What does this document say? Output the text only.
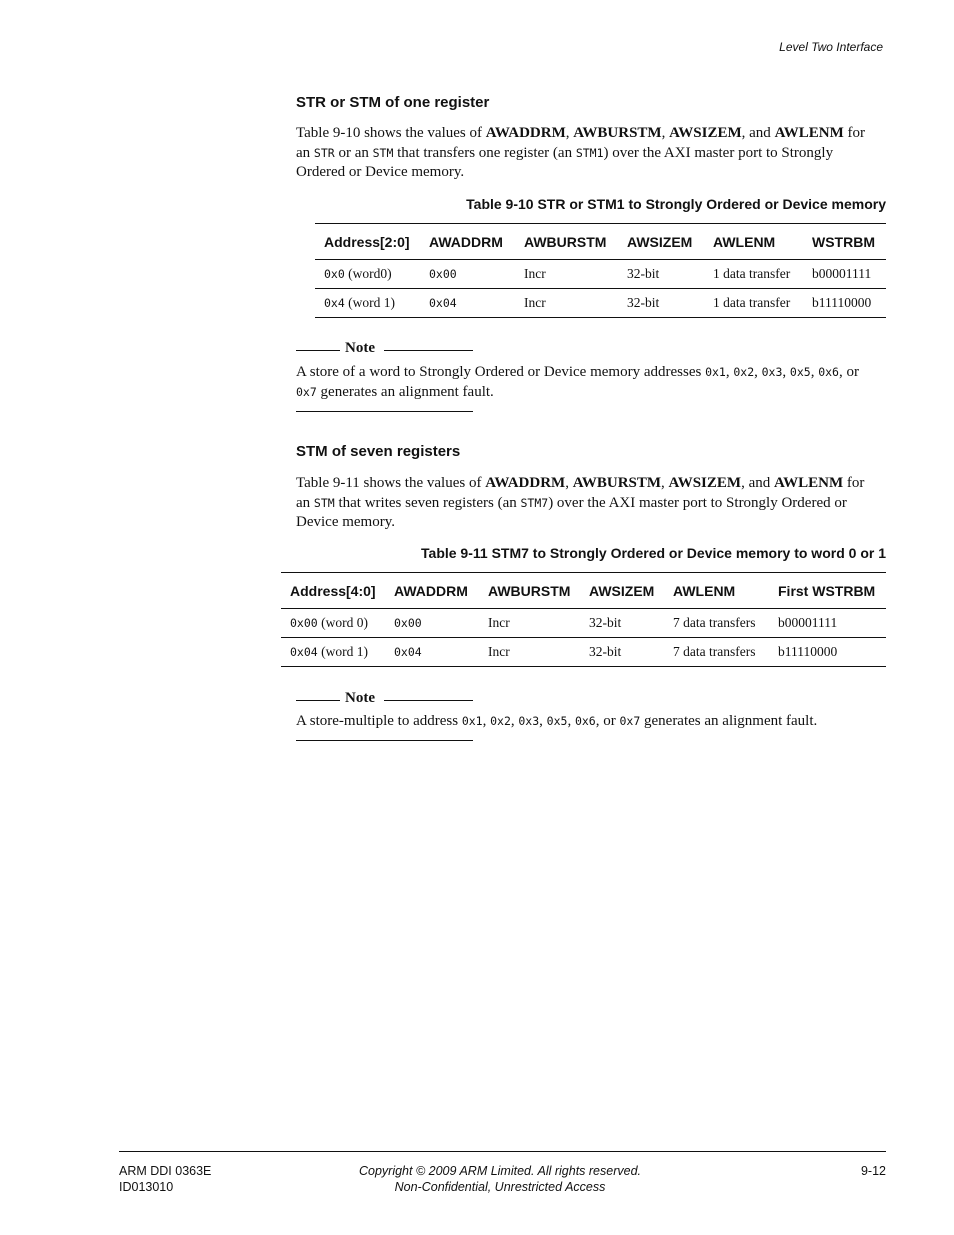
Level Two Interface
STR or STM of one register
Table 9-10 shows the values of AWADDRM, AWBURSTM, AWSIZEM, and AWLENM for
an STR or an STM that transfers one register (an STM1) over the AXI master port to Strongly
Ordered or Device memory.
Table 9-10 STR or STM1 to Strongly Ordered or Device memory
Address[2:0]	AWADDRM	AWBURSTM	AWSIZEM	AWLENM	WSTRBM
0x0 (word0)	0x00	Incr	32-bit	1 data transfer	b00001111
0x4 (word 1)	0x04	Incr	32-bit	1 data transfer	b11110000
Note
A store of a word to Strongly Ordered or Device memory addresses 0x1, 0x2, 0x3, 0x5, 0x6, or
0x7 generates an alignment fault.
STM of seven registers
Table 9-11 shows the values of AWADDRM, AWBURSTM, AWSIZEM, and AWLENM for
an STM that writes seven registers (an STM7) over the AXI master port to Strongly Ordered or
Device memory.
Table 9-11 STM7 to Strongly Ordered or Device memory to word 0 or 1
Address[4:0]	AWADDRM	AWBURSTM	AWSIZEM	AWLENM	First WSTRBM
0x00 (word 0)	0x00	Incr	32-bit	7 data transfers	b00001111
0x04 (word 1)	0x04	Incr	32-bit	7 data transfers	b11110000
Note
A store-multiple to address 0x1, 0x2, 0x3, 0x5, 0x6, or 0x7 generates an alignment fault.
ARM DDI 0363E
ID013010
Copyright © 2009 ARM Limited. All rights reserved.
Non-Confidential, Unrestricted Access
9-12
